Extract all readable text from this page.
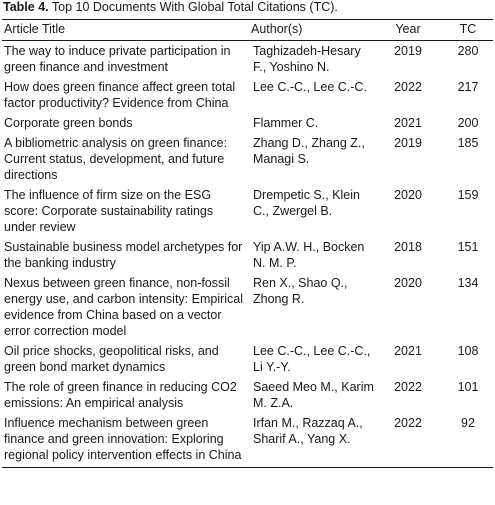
Table 4. Top 10 Documents With Global Total Citations (TC).
Article Title	Author(s)	Year	TC
The way to induce private participation in green finance and investment	Taghizadeh-Hesary F., Yoshino N.	2019	280
How does green finance affect green total factor productivity? Evidence from China	Lee C.-C., Lee C.-C.	2022	217
Corporate green bonds	Flammer C.	2021	200
A bibliometric analysis on green finance: Current status, development, and future directions	Zhang D., Zhang Z., Managi S.	2019	185
The influence of firm size on the ESG score: Corporate sustainability ratings under review	Drempetic S., Klein C., Zwergel B.	2020	159
Sustainable business model archetypes for the banking industry	Yip A.W. H., Bocken N. M. P.	2018	151
Nexus between green finance, non-fossil energy use, and carbon intensity: Empirical evidence from China based on a vector error correction model	Ren X., Shao Q., Zhong R.	2020	134
Oil price shocks, geopolitical risks, and green bond market dynamics	Lee C.-C., Lee C.-C., Li Y.-Y.	2021	108
The role of green finance in reducing CO2 emissions: An empirical analysis	Saeed Meo M., Karim M. Z.A.	2022	101
Influence mechanism between green finance and green innovation: Exploring regional policy intervention effects in China	Irfan M., Razzaq A., Sharif A., Yang X.	2022	92
